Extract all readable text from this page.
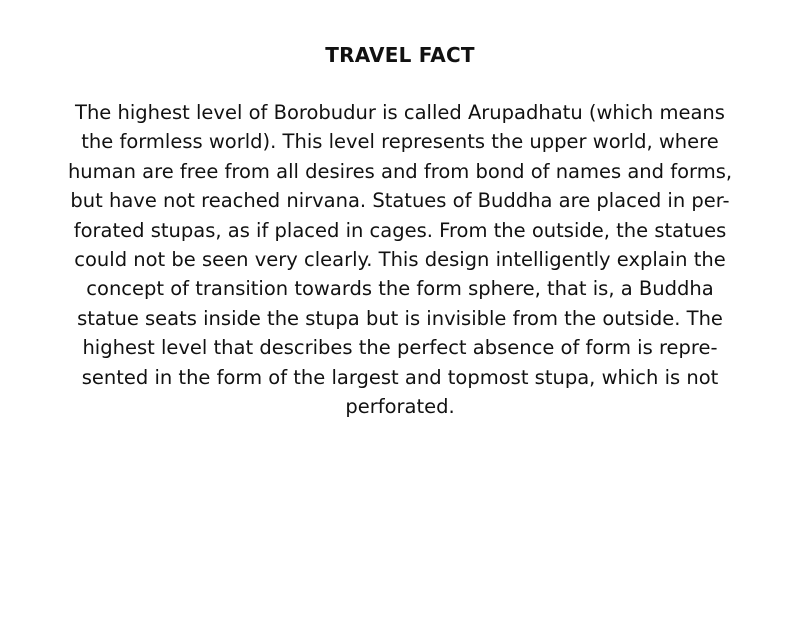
TRAVEL FACT

The highest level of Borobudur is called Arupadhatu (which means
the formless world). This level represents the upper world, where
human are free from all desires and from bond of names and forms,
but have not reached nirvana. Statues of Buddha are placed in per-
forated stupas, as if placed in cages. From the outside, the statues
could not be seen very clearly. This design intelligently explain the
concept of transition towards the form sphere, that is, a Buddha
statue seats inside the stupa but is invisible from the outside. The
highest level that describes the perfect absence of form is repre-
sented in the form of the largest and topmost stupa, which is not
perforated.
